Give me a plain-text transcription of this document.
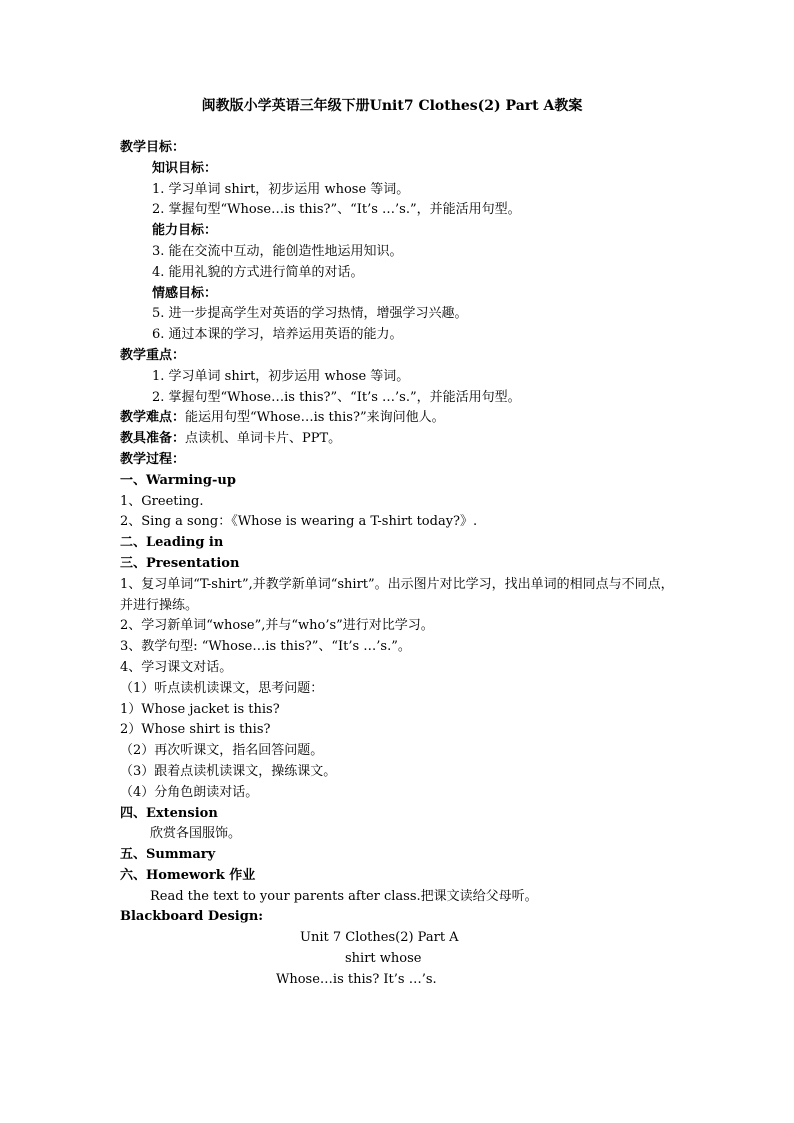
闽教版小学英语三年级下册Unit7 Clothes(2) Part A教案
教学目标：
知识目标：
1. 学习单词 shirt，初步运用 whose 等词。
2. 掌握句型“Whose…is this?”、“It’s …’s.”，并能活用句型。
能力目标：
3. 能在交流中互动，能创造性地运用知识。
4. 能用礼貌的方式进行简单的对话。
情感目标：
5. 进一步提高学生对英语的学习热情，增强学习兴趣。
6. 通过本课的学习，培养运用英语的能力。
教学重点：
1. 学习单词 shirt，初步运用 whose 等词。
2. 掌握句型“Whose…is this?”、“It’s …’s.”，并能活用句型。
教学难点：能运用句型“Whose…is this?”来询问他人。
教具准备：点读机、单词卡片、PPT。
教学过程：
一、Warming-up
1、Greeting.
2、Sing a song：《Whose is wearing a T-shirt today?》.
二、Leading in
三、Presentation
1、复习单词“T-shirt”,并教学新单词“shirt”。出示图片对比学习，找出单词的相同点与不同点，并进行操练。
2、学习新单词“whose”,并与“who’s”进行对比学习。
3、教学句型: “Whose…is this?”、“It’s …’s.”。
4、学习课文对话。
（1）听点读机读课文，思考问题：
1）Whose jacket is this?
2）Whose shirt is this?
（2）再次听课文，指名回答问题。
（3）跟着点读机读课文，操练课文。
（4）分角色朗读对话。
四、Extension
欣赏各国服饰。
五、Summary
六、Homework 作业
Read the text to your parents after class.把课文读给父母听。
Blackboard Design:
Unit 7 Clothes(2) Part A
shirt whose
Whose…is this? It’s …’s.
